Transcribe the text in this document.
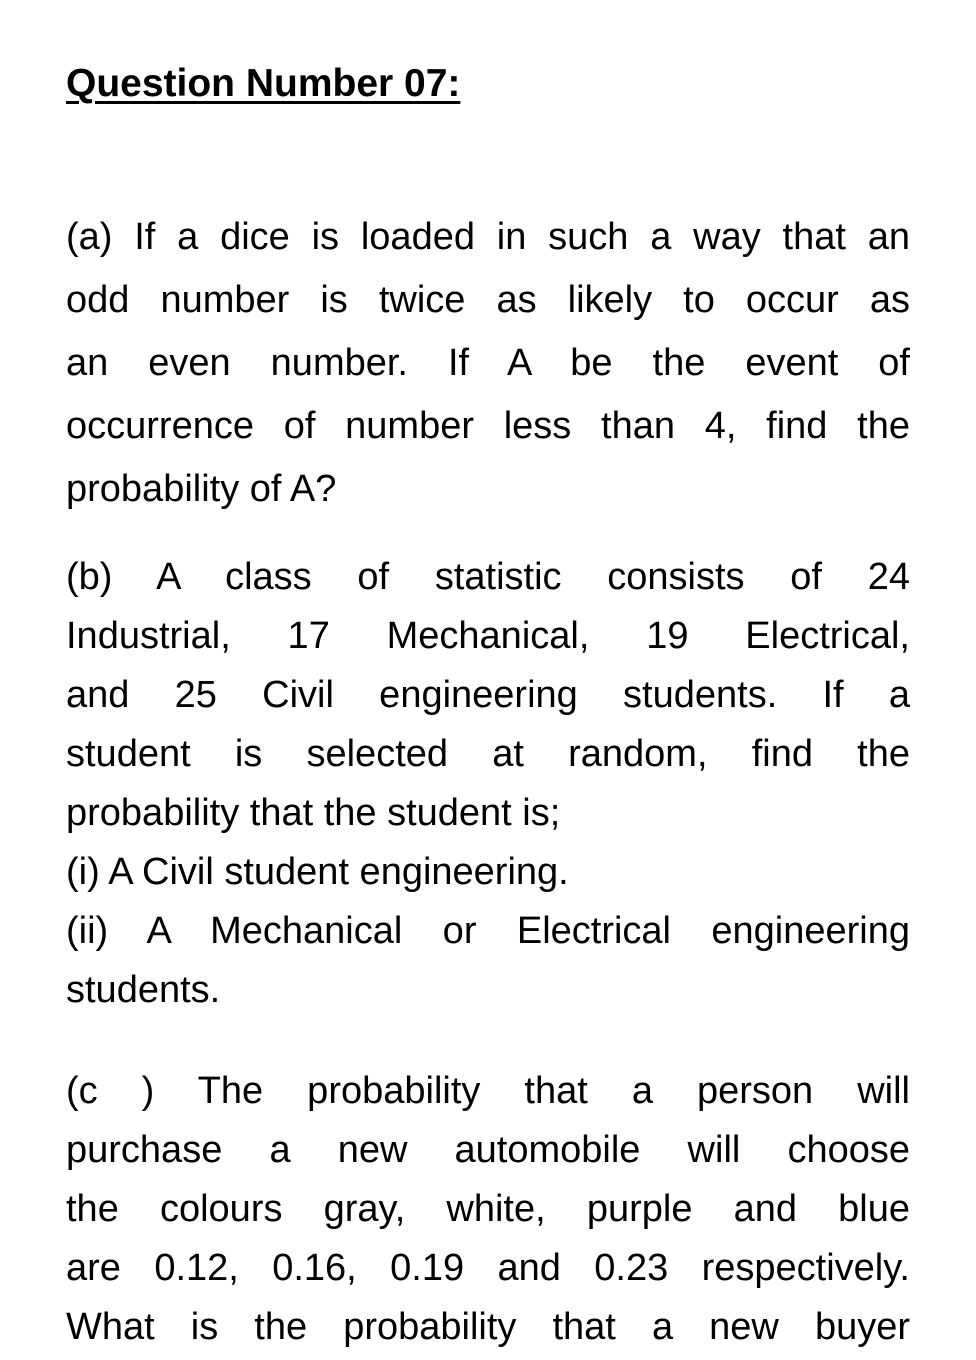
Question Number 07:
(a) If a dice is loaded in such a way that an
odd number is twice as likely to occur as
an even number. If A be the event of
occurrence of number less than 4, find the
probability of A?
(b) A class of statistic consists of 24
Industrial, 17 Mechanical, 19 Electrical,
and 25 Civil engineering students. If a
student is selected at random, find the
probability that the student is;
(i) A Civil student engineering.
(ii) A Mechanical or Electrical engineering
students.
(c ) The probability that a person will
purchase a new automobile will choose
the colours gray, white, purple and blue
are 0.12, 0.16, 0.19 and 0.23 respectively.
What is the probability that a new buyer
